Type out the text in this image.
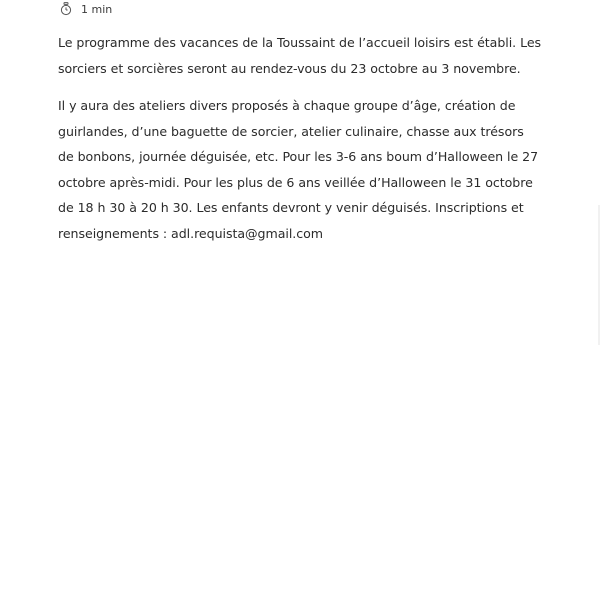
1 min

Le programme des vacances de la Toussaint de l’accueil loisirs est établi. Les sorciers et sorcières seront au rendez-vous du 23 octobre au 3 novembre.

Il y aura des ateliers divers proposés à chaque groupe d’âge, création de guirlandes, d’une baguette de sorcier, atelier culinaire, chasse aux trésors de bonbons, journée déguisée, etc. Pour les 3-6 ans boum d’Halloween le 27 octobre après-midi. Pour les plus de 6 ans veillée d’Halloween le 31 octobre de 18 h 30 à 20 h 30. Les enfants devront y venir déguisés. Inscriptions et renseignements : adl.requista@gmail.com
